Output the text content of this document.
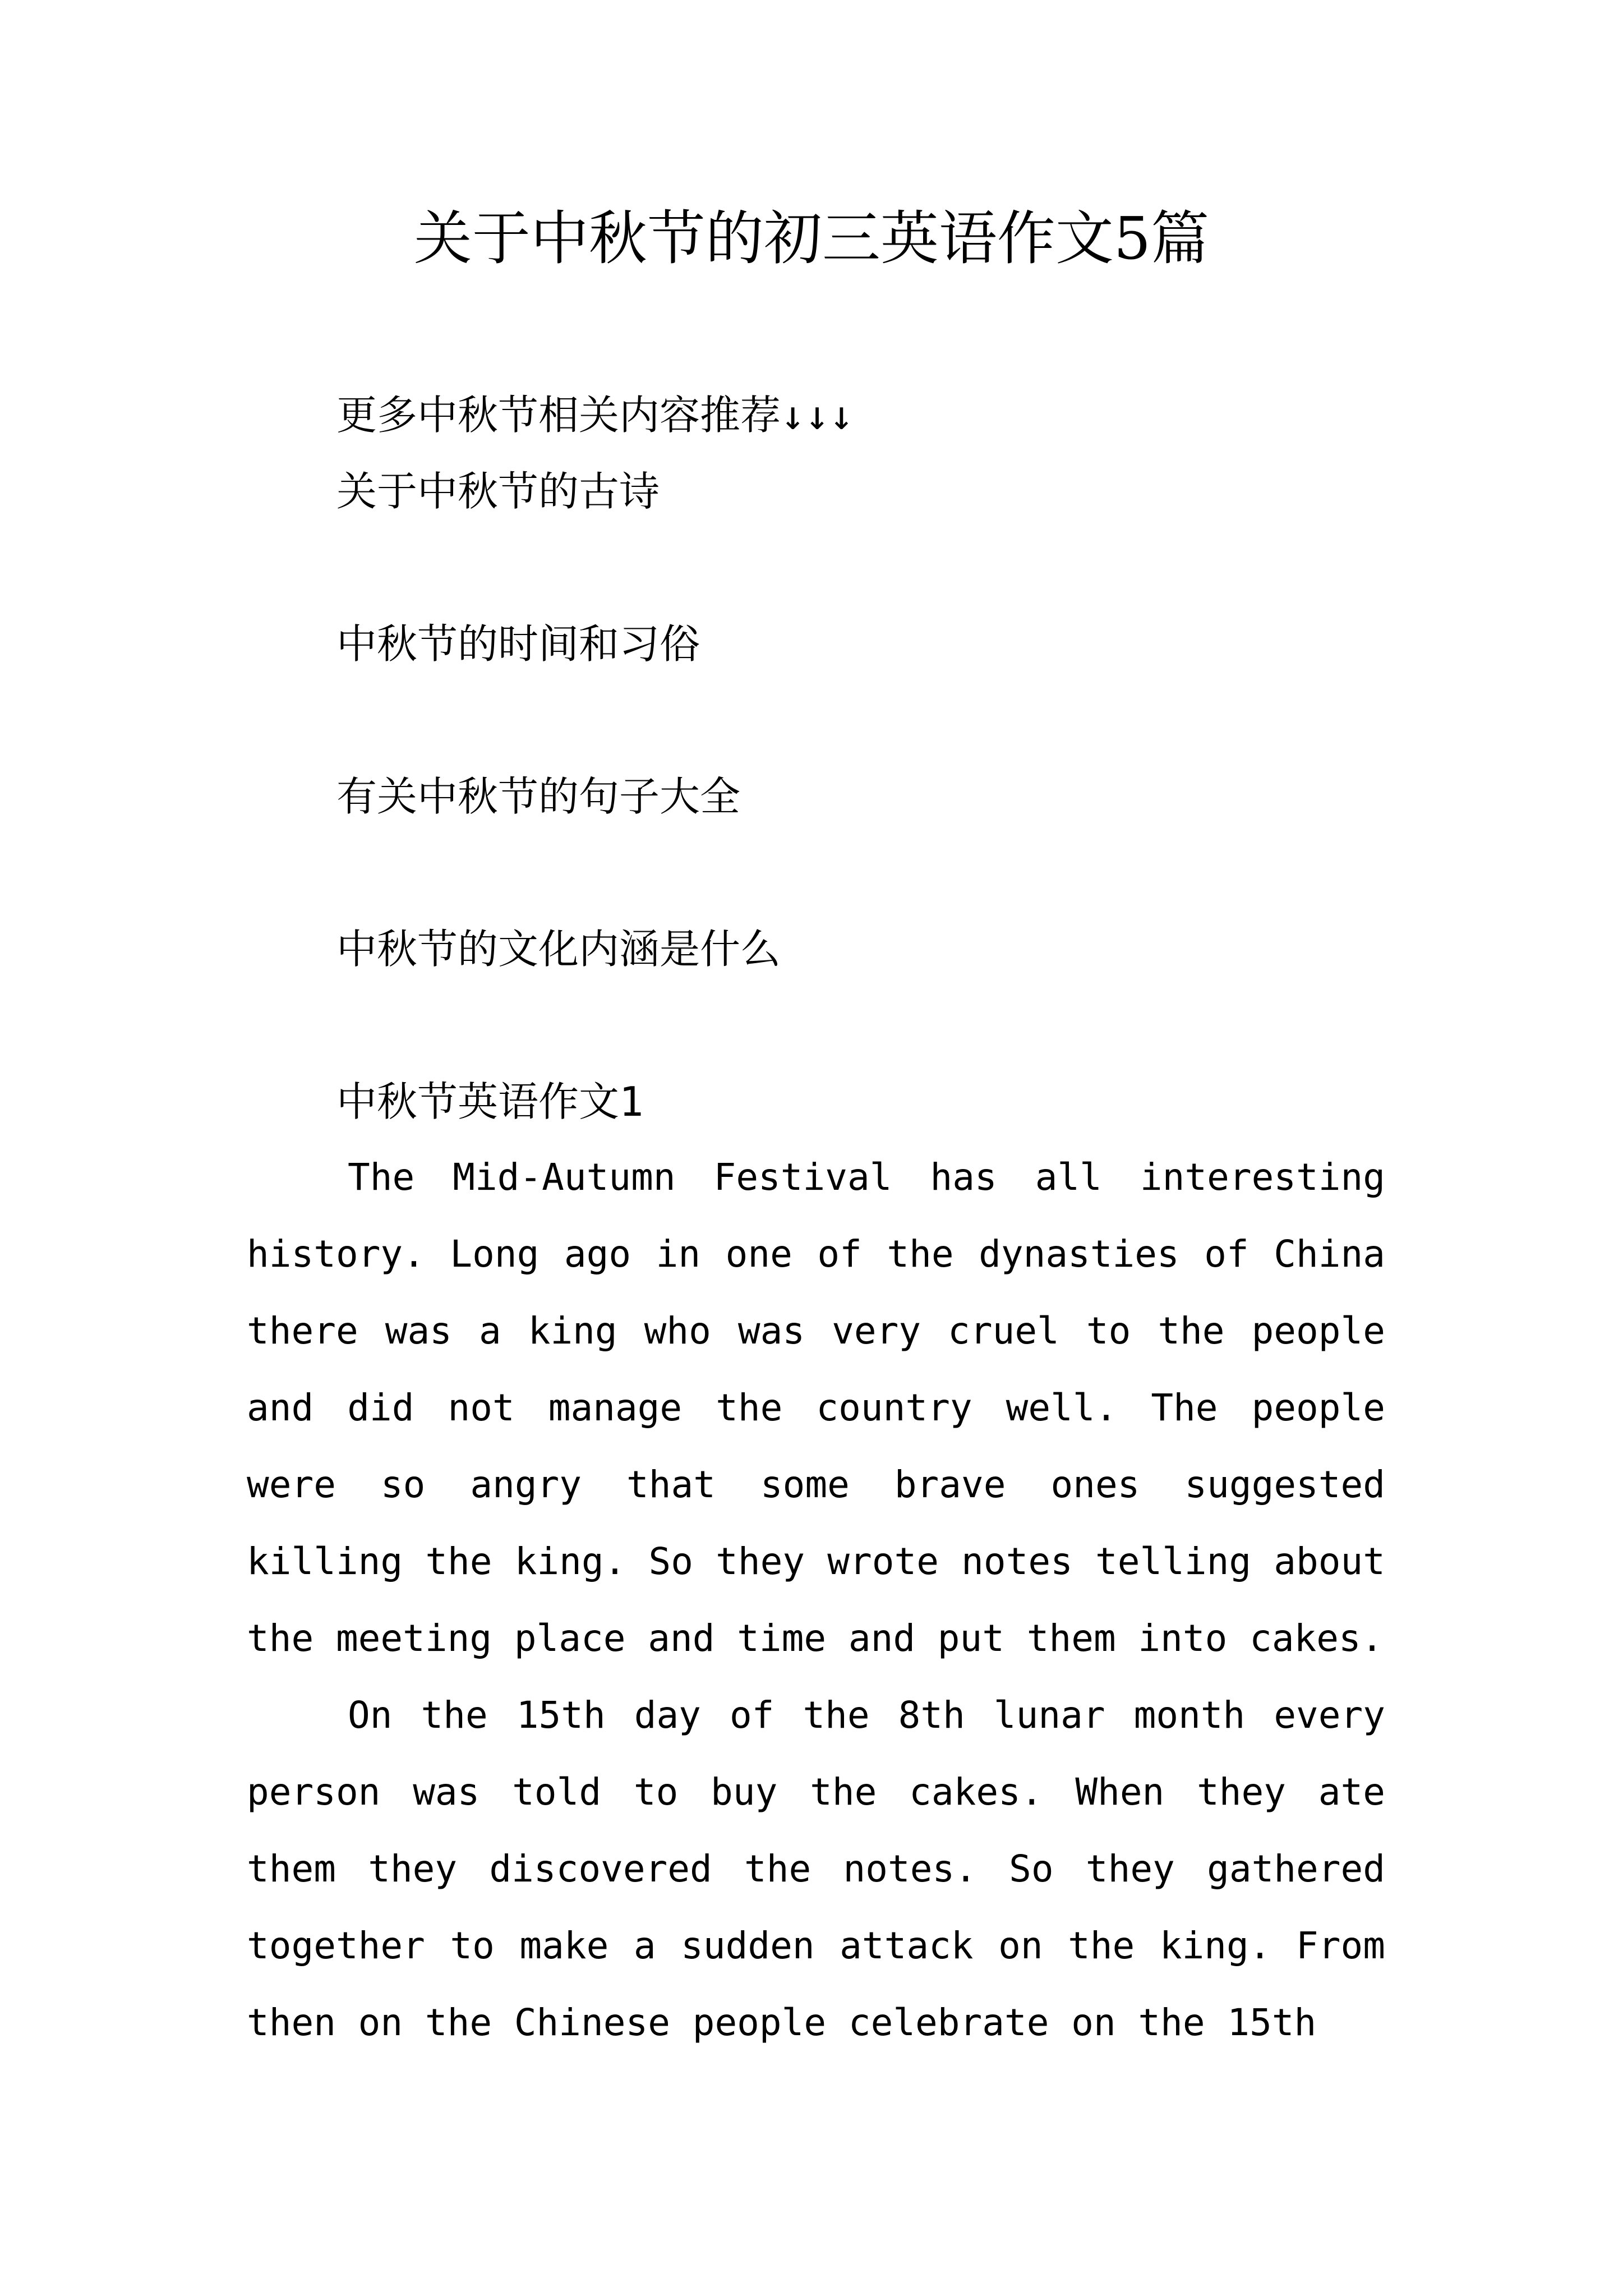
关于中秋节的初三英语作文5篇
更多中秋节相关内容推荐↓↓↓
关于中秋节的古诗
中秋节的时间和习俗
有关中秋节的句子大全
中秋节的文化内涵是什么
中秋节英语作文1

The Mid-Autumn Festival has all interesting history. Long ago in one of the dynasties of China there was a king who was very cruel to the people and did not manage the country well. The people were so angry that some brave ones suggested killing the king. So they wrote notes telling about the meeting place and time and put them into cakes.

On the 15th day of the 8th lunar month every person was told to buy the cakes. When they ate them they discovered the notes. So they gathered together to make a sudden attack on the king. From then on the Chinese people celebrate on the 15th
